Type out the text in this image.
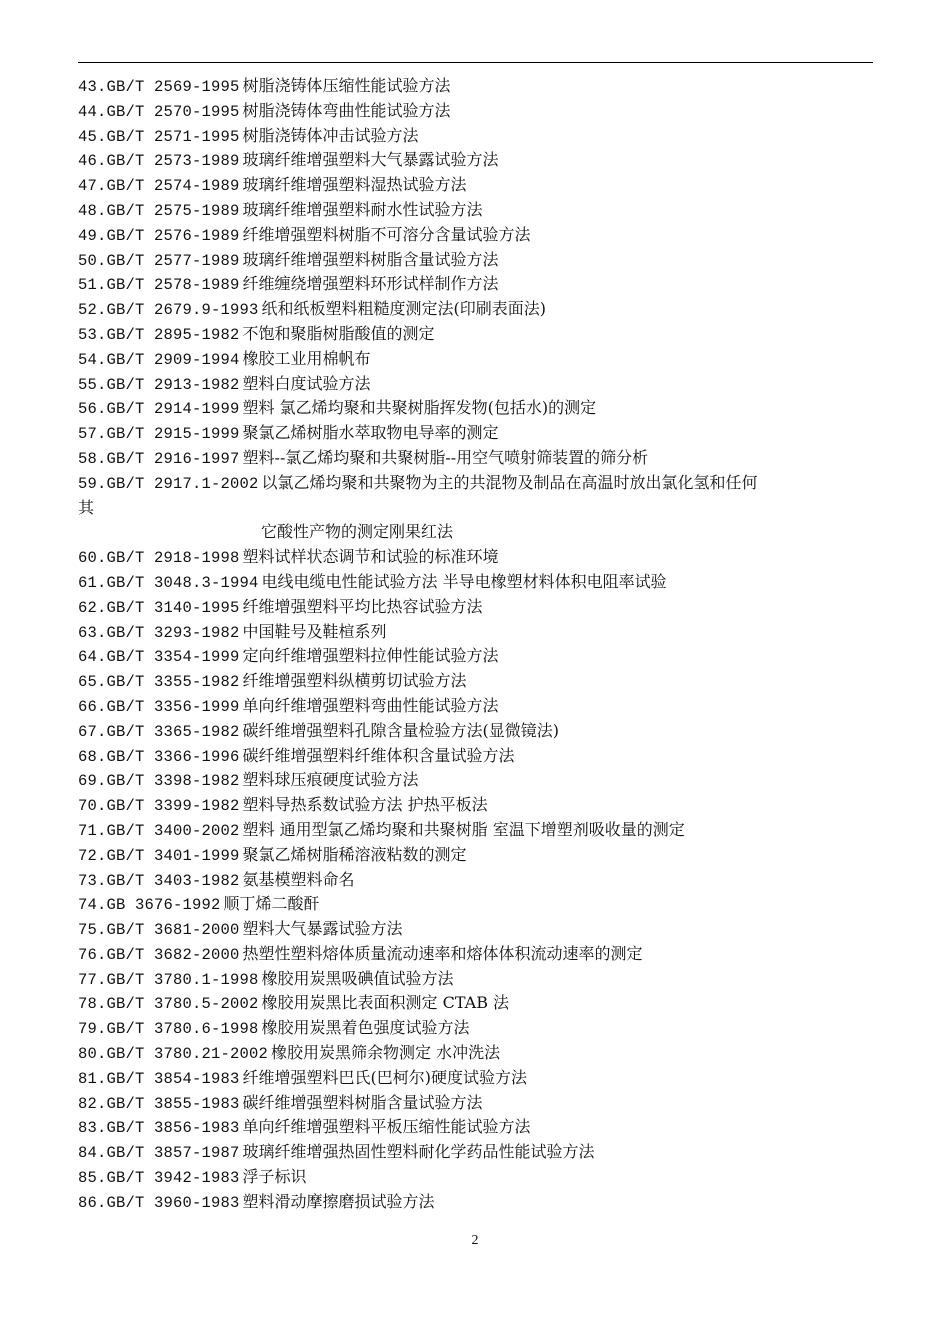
43.GB/T 2569-1995 树脂浇铸体压缩性能试验方法
44.GB/T 2570-1995 树脂浇铸体弯曲性能试验方法
45.GB/T 2571-1995 树脂浇铸体冲击试验方法
46.GB/T 2573-1989 玻璃纤维增强塑料大气暴露试验方法
47.GB/T 2574-1989 玻璃纤维增强塑料湿热试验方法
48.GB/T 2575-1989 玻璃纤维增强塑料耐水性试验方法
49.GB/T 2576-1989 纤维增强塑料树脂不可溶分含量试验方法
50.GB/T 2577-1989 玻璃纤维增强塑料树脂含量试验方法
51.GB/T 2578-1989 纤维缠绕增强塑料环形试样制作方法
52.GB/T 2679.9-1993 纸和纸板塑料粗糙度测定法(印刷表面法)
53.GB/T 2895-1982 不饱和聚脂树脂酸值的测定
54.GB/T 2909-1994 橡胶工业用棉帆布
55.GB/T 2913-1982 塑料白度试验方法
56.GB/T 2914-1999 塑料 氯乙烯均聚和共聚树脂挥发物(包括水)的测定
57.GB/T 2915-1999 聚氯乙烯树脂水萃取物电导率的测定
58.GB/T 2916-1997 塑料--氯乙烯均聚和共聚树脂--用空气喷射筛装置的筛分析
59.GB/T 2917.1-2002 以氯乙烯均聚和共聚物为主的共混物及制品在高温时放出氯化氢和任何
其
它酸性产物的测定刚果红法
60.GB/T 2918-1998 塑料试样状态调节和试验的标准环境
61.GB/T 3048.3-1994 电线电缆电性能试验方法 半导电橡塑材料体积电阻率试验
62.GB/T 3140-1995 纤维增强塑料平均比热容试验方法
63.GB/T 3293-1982 中国鞋号及鞋楦系列
64.GB/T 3354-1999 定向纤维增强塑料拉伸性能试验方法
65.GB/T 3355-1982 纤维增强塑料纵横剪切试验方法
66.GB/T 3356-1999 单向纤维增强塑料弯曲性能试验方法
67.GB/T 3365-1982 碳纤维增强塑料孔隙含量检验方法(显微镜法)
68.GB/T 3366-1996 碳纤维增强塑料纤维体积含量试验方法
69.GB/T 3398-1982 塑料球压痕硬度试验方法
70.GB/T 3399-1982 塑料导热系数试验方法 护热平板法
71.GB/T 3400-2002 塑料 通用型氯乙烯均聚和共聚树脂 室温下增塑剂吸收量的测定
72.GB/T 3401-1999 聚氯乙烯树脂稀溶液粘数的测定
73.GB/T 3403-1982 氨基模塑料命名
74.GB 3676-1992 顺丁烯二酸酐
75.GB/T 3681-2000 塑料大气暴露试验方法
76.GB/T 3682-2000 热塑性塑料熔体质量流动速率和熔体体积流动速率的测定
77.GB/T 3780.1-1998 橡胶用炭黑吸碘值试验方法
78.GB/T 3780.5-2002 橡胶用炭黑比表面积测定 CTAB 法
79.GB/T 3780.6-1998 橡胶用炭黑着色强度试验方法
80.GB/T 3780.21-2002 橡胶用炭黑筛余物测定 水冲洗法
81.GB/T 3854-1983 纤维增强塑料巴氏(巴柯尔)硬度试验方法
82.GB/T 3855-1983 碳纤维增强塑料树脂含量试验方法
83.GB/T 3856-1983 单向纤维增强塑料平板压缩性能试验方法
84.GB/T 3857-1987 玻璃纤维增强热固性塑料耐化学药品性能试验方法
85.GB/T 3942-1983 浮子标识
86.GB/T 3960-1983 塑料滑动摩擦磨损试验方法
2
